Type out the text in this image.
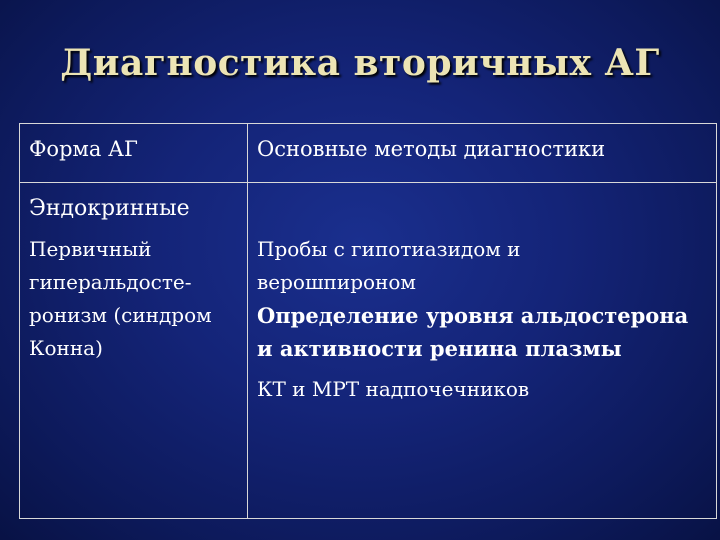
Диагностика вторичных АГ
Форма АГ	Основные методы диагностики
Эндокринные
Первичный
гиперальдосте-
ронизм (синдром
Конна)
Пробы с гипотиазидом и
верошпироном
Определение уровня альдостерона
и активности ренина плазмы
КТ и МРТ надпочечников
